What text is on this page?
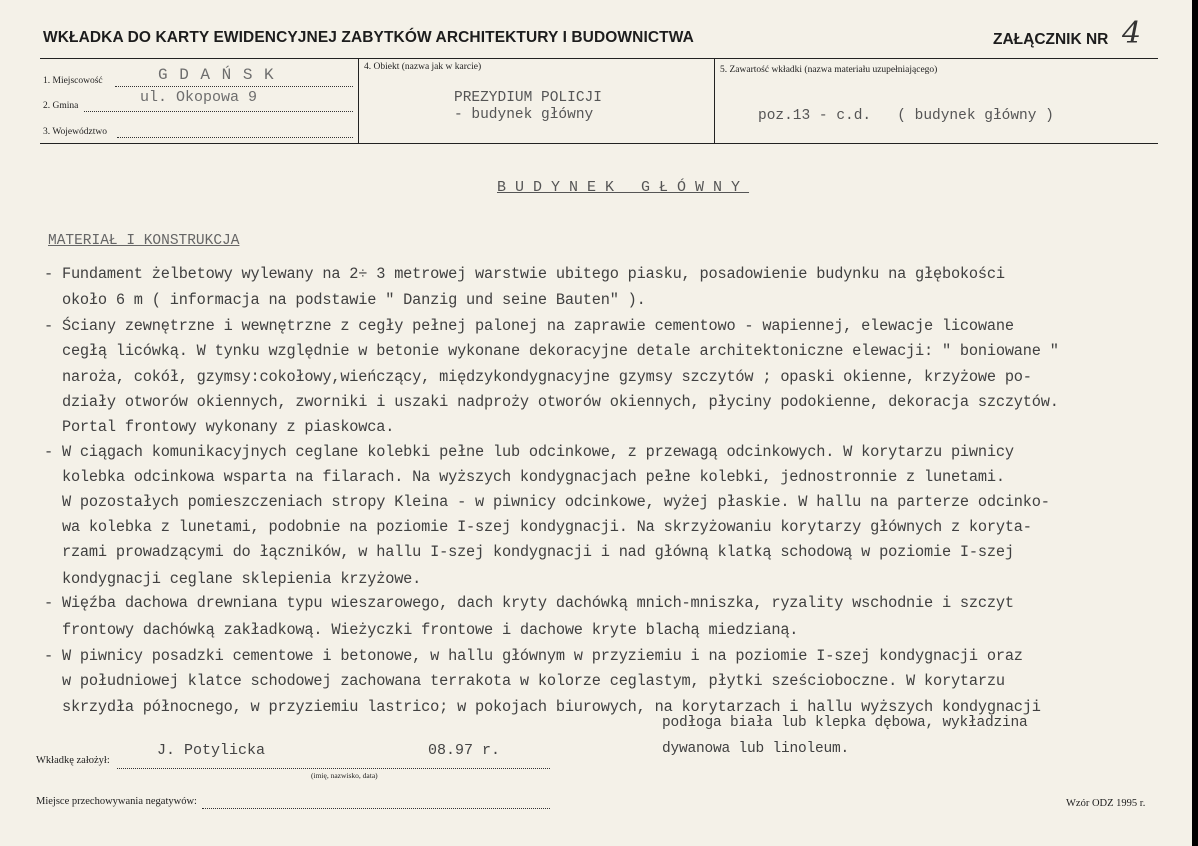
WKŁADKA DO KARTY EWIDENCYJNEJ ZABYTKÓW ARCHITEKTURY I BUDOWNICTWA	ZAŁĄCZNIK NR 4
1. Miejscowość	G D A Ń S K
2. Gmina	ul. Okopowa 9
3. Województwo
4. Obiekt (nazwa jak w karcie)
PREZYDIUM POLICJI
- budynek główny
5. Zawartość wkładki (nazwa materiału uzupełniającego)
poz.13 - c.d.   ( budynek główny )
BUDYNEK GŁÓWNY
MATERIAŁ I KONSTRUKCJA
- Fundament żelbetowy wylewany na 2÷ 3 metrowej warstwie ubitego piasku, posadowienie budynku na głębokości
około 6 m ( informacja na podstawie " Danzig und seine Bauten" ).
- Ściany zewnętrzne i wewnętrzne z cegły pełnej palonej na zaprawie cementowo - wapiennej, elewacje licowane
cegłą licówką. W tynku względnie w betonie wykonane dekoracyjne detale architektoniczne elewacji: " boniowane "
naroża, cokół, gzymsy:cokołowy,wieńczący, międzykondygnacyjne gzymsy szczytów ; opaski okienne, krzyżowe po-
działy otworów okiennych, zworniki i uszaki nadproży otworów okiennych, płyciny podokienne, dekoracja szczytów.
Portal frontowy wykonany z piaskowca.
- W ciągach komunikacyjnych ceglane kolebki pełne lub odcinkowe, z przewagą odcinkowych. W korytarzu piwnicy
kolebka odcinkowa wsparta na filarach. Na wyższych kondygnacjach pełne kolebki, jednostronnie z lunetami.
W pozostałych pomieszczeniach stropy Kleina - w piwnicy odcinkowe, wyżej płaskie. W hallu na parterze odcinko-
wa kolebka z lunetami, podobnie na poziomie I-szej kondygnacji. Na skrzyżowaniu korytarzy głównych z koryta-
rzami prowadzącymi do łączników, w hallu I-szej kondygnacji i nad główną klatką schodową w poziomie I-szej
kondygnacji ceglane sklepienia krzyżowe.
- Więźba dachowa drewniana typu wieszarowego, dach kryty dachówką mnich-mniszka, ryzality wschodnie i szczyt
frontowy dachówką zakładkową. Wieżyczki frontowe i dachowe kryte blachą miedzianą.
- W piwnicy posadzki cementowe i betonowe, w hallu głównym w przyziemiu i na poziomie I-szej kondygnacji oraz
w południowej klatce schodowej zachowana terrakota w kolorze ceglastym, płytki sześcioboczne. W korytarzu
skrzydła północnego, w przyziemiu lastrico; w pokojach biurowych, na korytarzach i hallu wyższych kondygnacji
podłoga biała lub klepka dębowa, wykładzina
dywanowa lub linoleum.
Wkładkę założył:
J. Potylicka	08.97 r.
(imię, nazwisko, data)
Miejsce przechowywania negatywów:	Wzór ODZ 1995 r.
